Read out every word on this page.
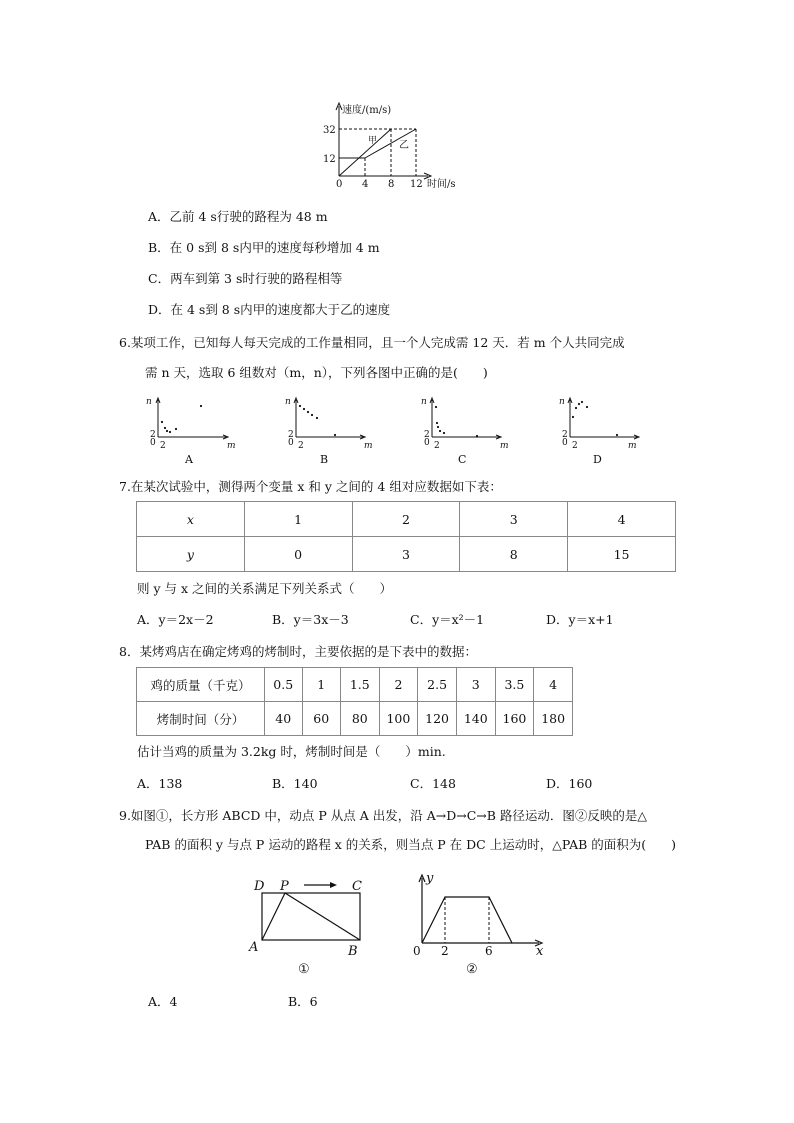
速度/(m/s)
时间/s
32
12
0 4 8 12
甲 乙
A．乙前 4 s行驶的路程为 48 m
B．在 0 s到 8 s内甲的速度每秒增加 4 m
C．两车到第 3 s时行驶的路程相等
D．在 4 s到 8 s内甲的速度都大于乙的速度
6.某项工作，已知每人每天完成的工作量相同，且一个人完成需 12 天．若 m 个人共同完成
需 n 天，选取 6 组数对（m，n），下列各图中正确的是(　　)
n
m
2
0 2
A
n
m
2
0 2
B
n
m
2
0 2
C
n
m
2
0 2
D
7.在某次试验中，测得两个变量 x 和 y 之间的 4 组对应数据如下表：
x	1	2	3	4
y	0	3	8	15
则 y 与 x 之间的关系满足下列关系式（　　）
A．y＝2x－2	B．y＝3x－3	C．y＝x²－1	D．y＝x+1
8．某烤鸡店在确定烤鸡的烤制时，主要依据的是下表中的数据：
鸡的质量（千克）	0.5	1	1.5	2	2.5	3	3.5	4
烤制时间（分）	40	60	80	100	120	140	160	180
估计当鸡的质量为 3.2kg 时，烤制时间是（　　）min.
A．138	B．140	C．148	D．160
9.如图①，长方形 ABCD 中，动点 P 从点 A 出发，沿 A→D→C→B 路径运动．图②反映的是△
PAB 的面积 y 与点 P 运动的路程 x 的关系，则当点 P 在 DC 上运动时，△PAB 的面积为(　　)
D P	C
A	B
①
y
x
0 2	6
②
A．4	B．6
